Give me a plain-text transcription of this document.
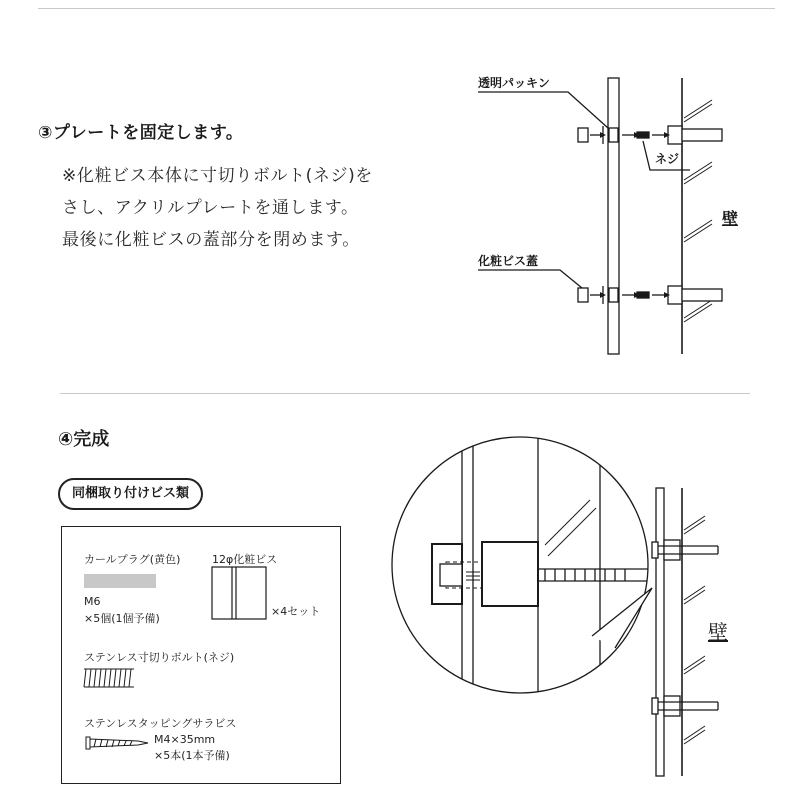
③プレートを固定します。
※化粧ビス本体に寸切りボルト(ネジ)を
さし、アクリルプレートを通します。
最後に化粧ビスの蓋部分を閉めます。
透明パッキン
ネジ
化粧ビス蓋
壁
④完成
同梱取り付けビス類
カールプラグ(黄色)
M6
×5個(1個予備)
12φ化粧ビス
×4セット
ステンレス寸切りボルト(ネジ)
ステンレスタッピングサラビス
M4×35mm
×5本(1本予備)
壁
